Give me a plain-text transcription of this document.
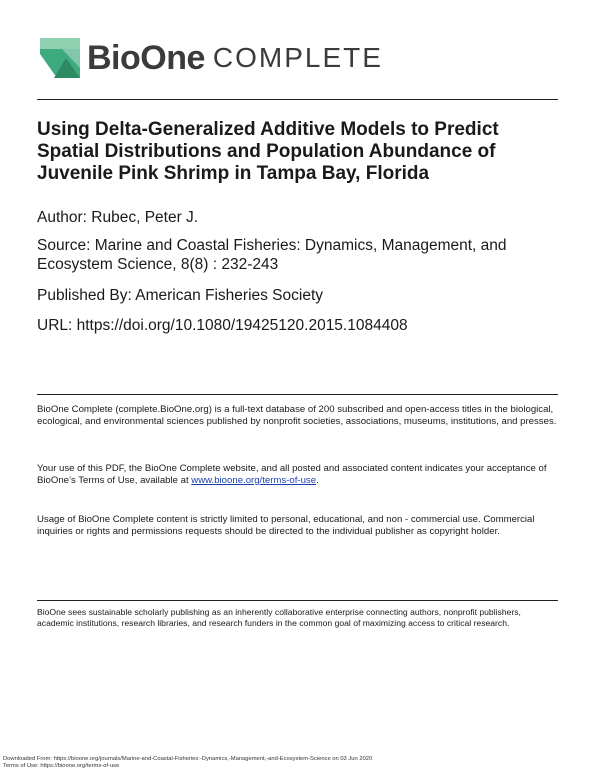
BioOne COMPLETE
Using Delta-Generalized Additive Models to Predict Spatial Distributions and Population Abundance of Juvenile Pink Shrimp in Tampa Bay, Florida
Author: Rubec, Peter J.
Source: Marine and Coastal Fisheries: Dynamics, Management, and Ecosystem Science, 8(8) : 232-243
Published By: American Fisheries Society
URL: https://doi.org/10.1080/19425120.2015.1084408
BioOne Complete (complete.BioOne.org) is a full-text database of 200 subscribed and open-access titles in the biological, ecological, and environmental sciences published by nonprofit societies, associations, museums, institutions, and presses.
Your use of this PDF, the BioOne Complete website, and all posted and associated content indicates your acceptance of BioOne’s Terms of Use, available at www.bioone.org/terms-of-use.
Usage of BioOne Complete content is strictly limited to personal, educational, and non - commercial use. Commercial inquiries or rights and permissions requests should be directed to the individual publisher as copyright holder.
BioOne sees sustainable scholarly publishing as an inherently collaborative enterprise connecting authors, nonprofit publishers, academic institutions, research libraries, and research funders in the common goal of maximizing access to critical research.
Downloaded From: https://bioone.org/journals/Marine-and-Coastal-Fisheries:-Dynamics,-Management,-and-Ecosystem-Science on 03 Jun 2020
Terms of Use: https://bioone.org/terms-of-use
